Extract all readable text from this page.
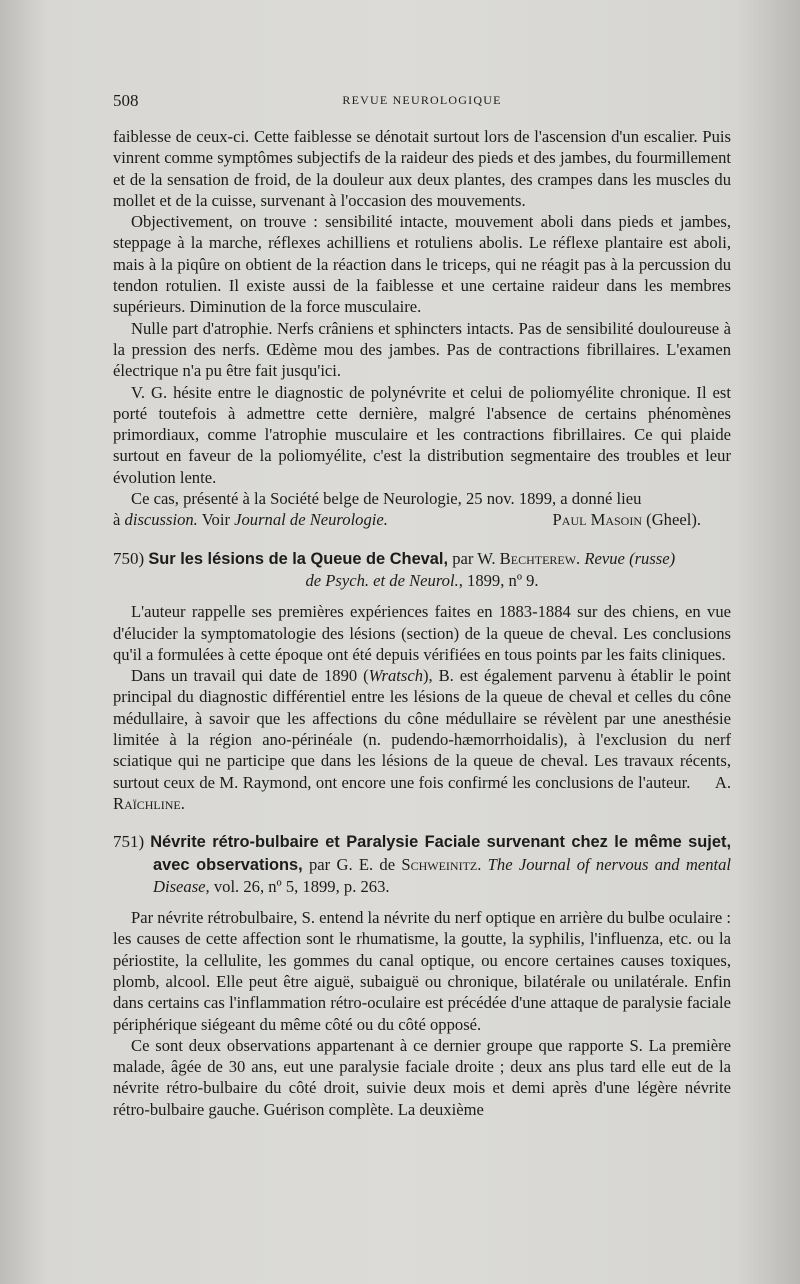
508	REVUE NEUROLOGIQUE

faiblesse de ceux-ci. Cette faiblesse se dénotait surtout lors de l'ascension d'un escalier. Puis vinrent comme symptômes subjectifs de la raideur des pieds et des jambes, du fourmillement et de la sensation de froid, de la douleur aux deux plantes, des crampes dans les muscles du mollet et de la cuisse, survenant à l'occasion des mouvements.

Objectivement, on trouve : sensibilité intacte, mouvement aboli dans pieds et jambes, steppage à la marche, réflexes achilliens et rotuliens abolis. Le réflexe plantaire est aboli, mais à la piqûre on obtient de la réaction dans le triceps, qui ne réagit pas à la percussion du tendon rotulien. Il existe aussi de la faiblesse et une certaine raideur dans les membres supérieurs. Diminution de la force musculaire.

Nulle part d'atrophie. Nerfs crâniens et sphincters intacts. Pas de sensibilité douloureuse à la pression des nerfs. Œdème mou des jambes. Pas de contractions fibrillaires. L'examen électrique n'a pu être fait jusqu'ici.

V. G. hésite entre le diagnostic de polynévrite et celui de poliomyélite chronique. Il est porté toutefois à admettre cette dernière, malgré l'absence de certains phénomènes primordiaux, comme l'atrophie musculaire et les contractions fibrillaires. Ce qui plaide surtout en faveur de la poliomyélite, c'est la distribution segmentaire des troubles et leur évolution lente.

Ce cas, présenté à la Société belge de Neurologie, 25 nov. 1899, a donné lieu

à discussion. Voir Journal de Neurologie.	Paul Masoin (Gheel).
750) Sur les lésions de la Queue de Cheval, par W. Bechterew. Revue (russe)
de Psych. et de Neurol., 1899, nº 9.

L'auteur rappelle ses premières expériences faites en 1883-1884 sur des chiens, en vue d'élucider la symptomatologie des lésions (section) de la queue de cheval. Les conclusions qu'il a formulées à cette époque ont été depuis vérifiées en tous points par les faits cliniques.

Dans un travail qui date de 1890 (Wratsch), B. est également parvenu à établir le point principal du diagnostic différentiel entre les lésions de la queue de cheval et celles du cône médullaire, à savoir que les affections du cône médullaire se révèlent par une anesthésie limitée à la région ano-périnéale (n. pudendo-hæmorrhoidalis), à l'exclusion du nerf sciatique qui ne participe que dans les lésions de la queue de cheval. Les travaux récents, surtout ceux de M. Raymond, ont encore une fois confirmé les conclusions de l'auteur. A. Raïchline.

751) Névrite rétro-bulbaire et Paralysie Faciale survenant chez le même sujet, avec observations, par G. E. de Schweinitz. The Journal of nervous and mental Disease, vol. 26, nº 5, 1899, p. 263.

Par névrite rétrobulbaire, S. entend la névrite du nerf optique en arrière du bulbe oculaire : les causes de cette affection sont le rhumatisme, la goutte, la syphilis, l'influenza, etc. ou la périostite, la cellulite, les gommes du canal optique, ou encore certaines causes toxiques, plomb, alcool. Elle peut être aiguë, subaiguë ou chronique, bilatérale ou unilatérale. Enfin dans certains cas l'inflammation rétro-oculaire est précédée d'une attaque de paralysie faciale périphérique siégeant du même côté ou du côté opposé.

Ce sont deux observations appartenant à ce dernier groupe que rapporte S. La première malade, âgée de 30 ans, eut une paralysie faciale droite ; deux ans plus tard elle eut de la névrite rétro-bulbaire du côté droit, suivie deux mois et demi après d'une légère névrite rétro-bulbaire gauche. Guérison complète. La deuxième
